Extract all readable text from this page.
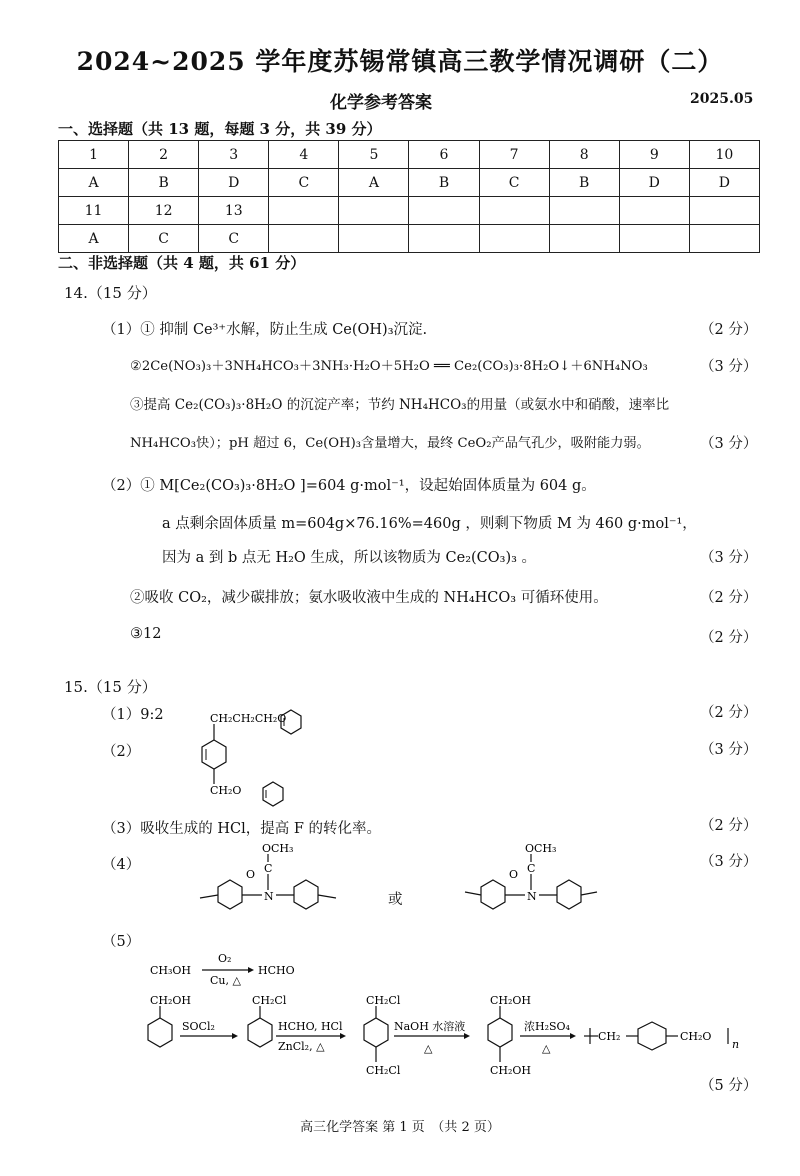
2024~2025 学年度苏锡常镇高三教学情况调研（二）
化学参考答案	2025.05
一、选择题（共 13 题，每题 3 分，共 39 分）
1	2	3	4	5	6	7	8	9	10
A	B	D	C	A	B	C	B	D	D
11	12	13							
A	C	C							
二、非选择题（共 4 题，共 61 分）
14.（15 分）
（1）① 抑制 Ce³⁺水解，防止生成 Ce(OH)₃沉淀.	（2 分）
②2Ce(NO₃)₃＋3NH₄HCO₃＋3NH₃·H₂O＋5H₂O ══ Ce₂(CO₃)₃·8H₂O↓＋6NH₄NO₃	（3 分）
③提高 Ce₂(CO₃)₃·8H₂O 的沉淀产率；节约 NH₄HCO₃的用量（或氨水中和硝酸，速率比
NH₄HCO₃快）；pH 超过 6，Ce(OH)₃含量增大，最终 CeO₂产品气孔少，吸附能力弱。	（3 分）
（2）① M[Ce₂(CO₃)₃·8H₂O ]=604 g·mol⁻¹，设起始固体质量为 604 g。
a 点剩余固体质量 m=604g×76.16%=460g ，则剩下物质 M 为 460 g·mol⁻¹，
因为 a 到 b 点无 H₂O 生成，所以该物质为 Ce₂(CO₃)₃ 。	（3 分）
②吸收 CO₂，减少碳排放；氨水吸收液中生成的 NH₄HCO₃ 可循环使用。	（2 分）
③12	（2 分）
15.（15 分）
（1）9:2	（2 分）
（2）	（3 分）
CH₂CH₂CH₂O
CH₂O
（3）吸收生成的 HCl，提高 F 的转化率。	（2 分）
（4）	（3 分）
OCH₃
C
O
N	或
OCH₃
C
O
N
（5）
CH₃OH
O₂
Cu, △
HCHO
CH₂OH
SOCl₂
CH₂Cl
HCHO, HCl
ZnCl₂, △
CH₂Cl
CH₂Cl
NaOH 水溶液
△
CH₂OH
CH₂OH
浓H₂SO₄
△
CH₂	CH₂O
n
（5 分）
高三化学答案 第 1 页　（共 2 页）
